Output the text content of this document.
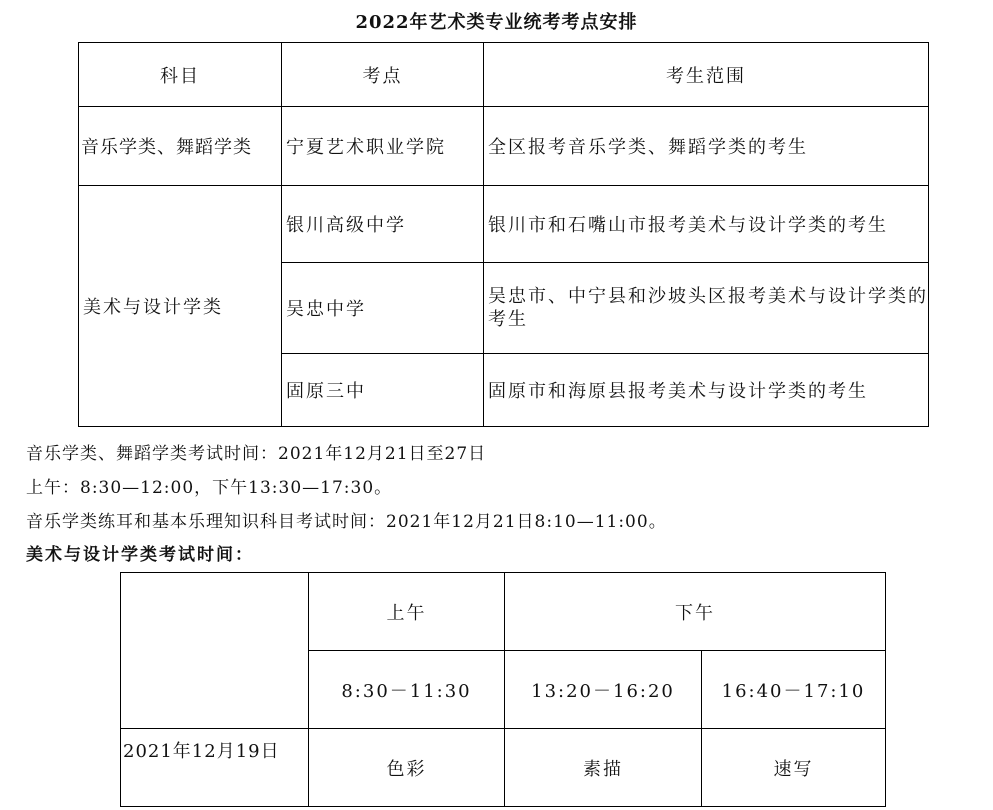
2022年艺术类专业统考考点安排
科目	考点	考生范围
音乐学类、舞蹈学类	宁夏艺术职业学院	全区报考音乐学类、舞蹈学类的考生
美术与设计学类	银川高级中学	银川市和石嘴山市报考美术与设计学类的考生
	吴忠中学	吴忠市、中宁县和沙坡头区报考美术与设计学类的考生
	固原三中	固原市和海原县报考美术与设计学类的考生
音乐学类、舞蹈学类考试时间：2021年12月21日至27日
上午：8:30—12:00，下午13:30—17:30。
音乐学类练耳和基本乐理知识科目考试时间：2021年12月21日8:10—11:00。
美术与设计学类考试时间：
	上午	下午	
	8:30－11:30	13:20－16:20	16:40－17:10
2021年12月19日	色彩	素描	速写
